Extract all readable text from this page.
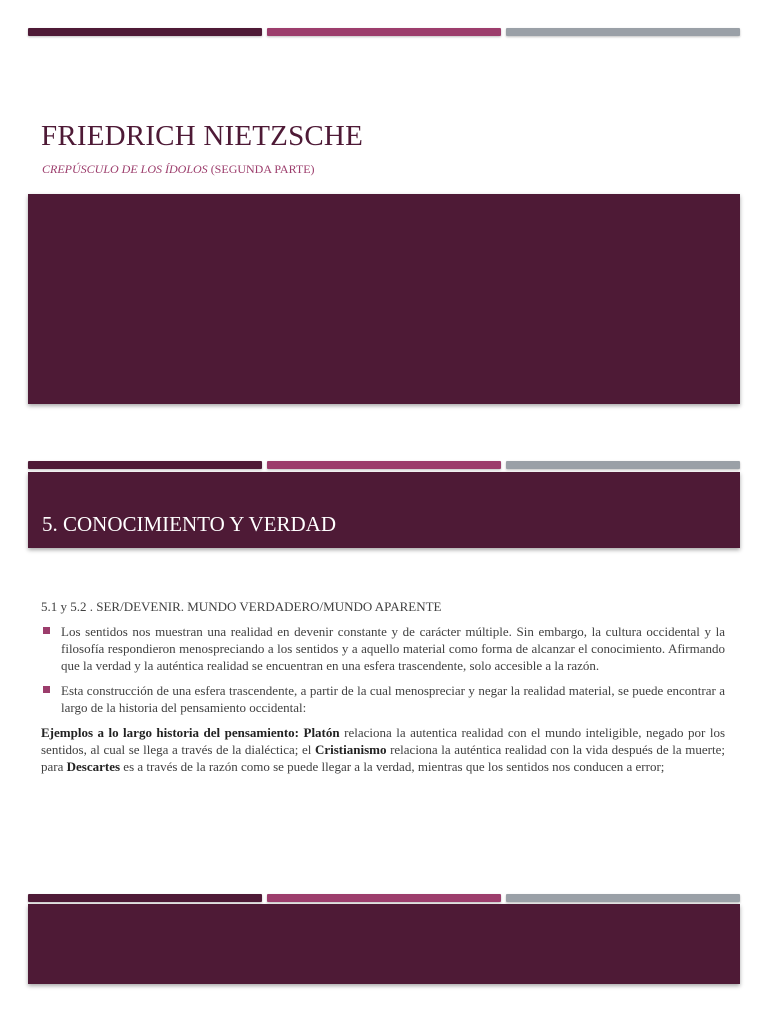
FRIEDRICH NIETZSCHE
CREPÚSCULO DE LOS ÍDOLOS (SEGUNDA PARTE)
5. CONOCIMIENTO Y VERDAD

5.1 y 5.2 . SER/DEVENIR. MUNDO VERDADERO/MUNDO APARENTE

Los sentidos nos muestran una realidad en devenir constante y de carácter múltiple. Sin embargo, la cultura occidental y la filosofía respondieron menospreciando a los sentidos y a aquello material como forma de alcanzar el conocimiento. Afirmando que la verdad y la auténtica realidad se encuentran en una esfera trascendente, solo accesible a la razón.
Esta construcción de una esfera trascendente, a partir de la cual menospreciar y negar la realidad material, se puede encontrar a largo de la historia del pensamiento occidental:

Ejemplos a lo largo historia del pensamiento: Platón relaciona la autentica realidad con el mundo inteligible, negado por los sentidos, al cual se llega a través de la dialéctica; el Cristianismo relaciona la auténtica realidad con la vida después de la muerte; para Descartes es a través de la razón como se puede llegar a la verdad, mientras que los sentidos nos conducen a error;
